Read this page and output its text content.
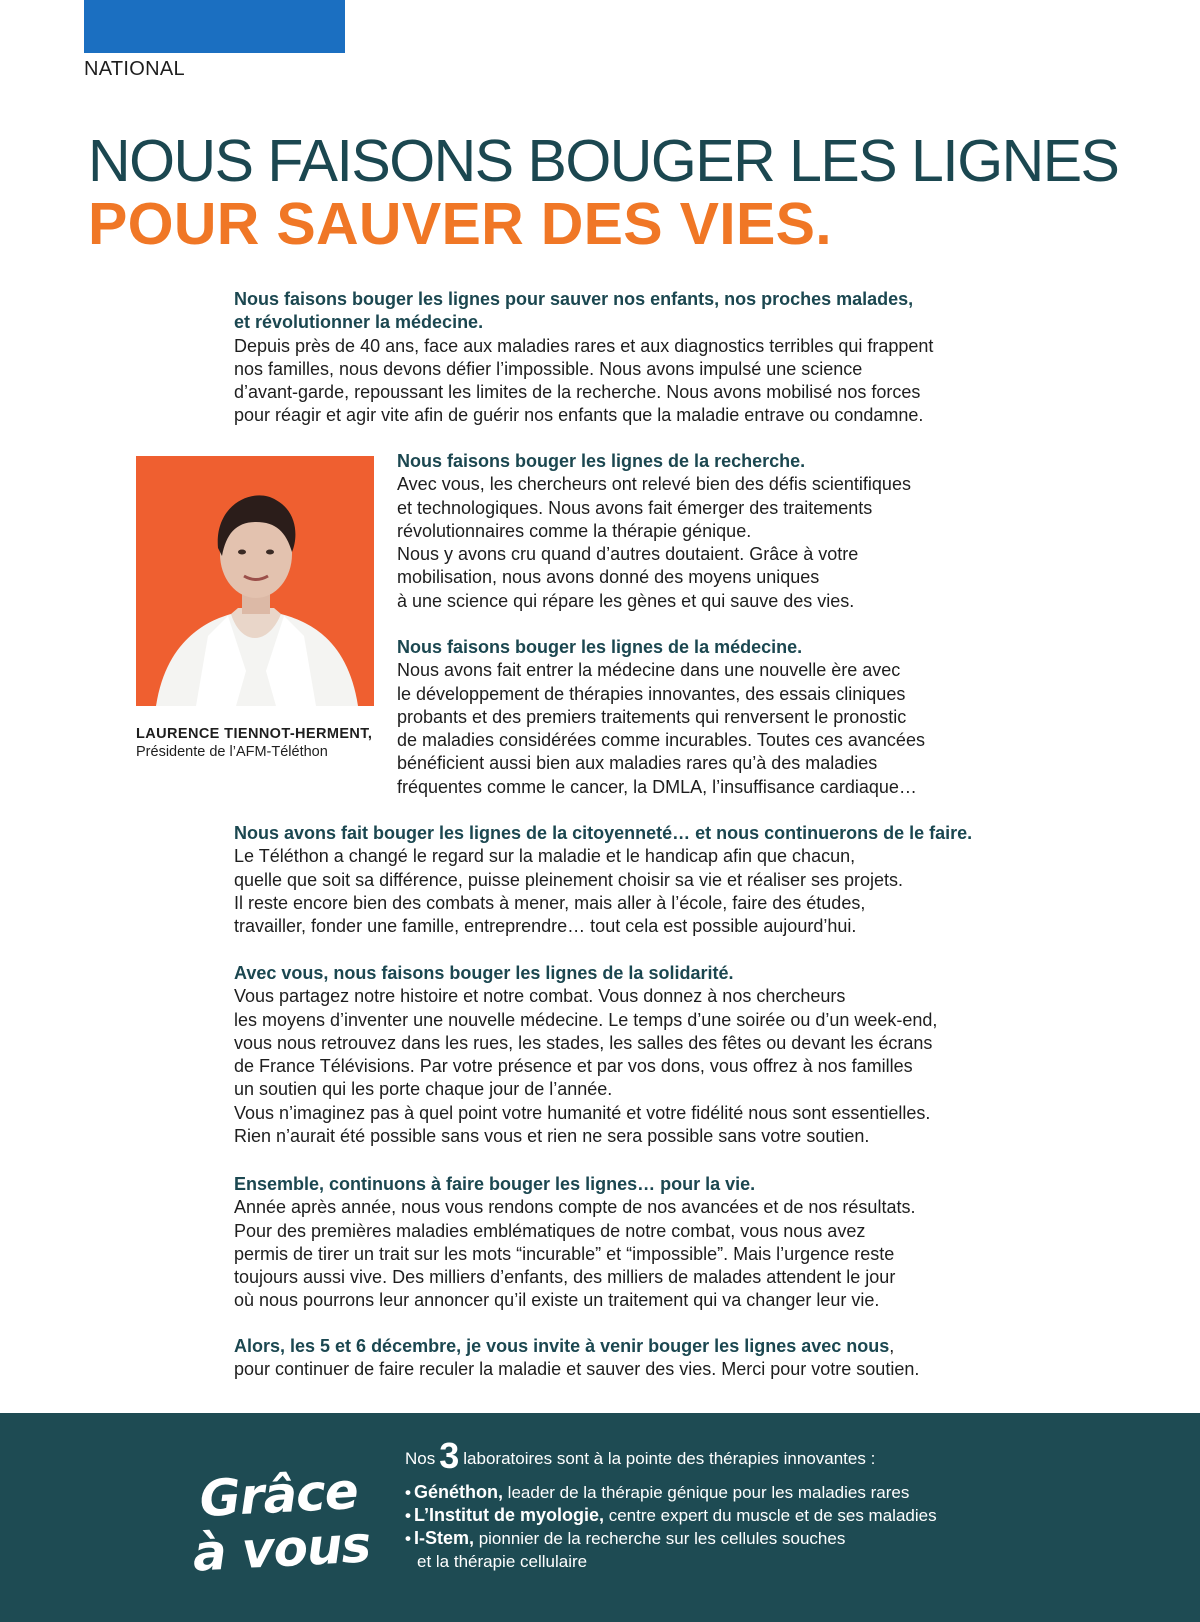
NATIONAL
NOUS FAISONS BOUGER LES LIGNES
POUR SAUVER DES VIES.
Nous faisons bouger les lignes pour sauver nos enfants, nos proches malades,
et révolutionner la médecine.
Depuis près de 40 ans, face aux maladies rares et aux diagnostics terribles qui frappent
nos familles, nous devons défier l’impossible. Nous avons impulsé une science
d’avant-garde, repoussant les limites de la recherche. Nous avons mobilisé nos forces
pour réagir et agir vite afin de guérir nos enfants que la maladie entrave ou condamne.
LAURENCE TIENNOT-HERMENT,
Présidente de l’AFM-Téléthon
Nous faisons bouger les lignes de la recherche.
Avec vous, les chercheurs ont relevé bien des défis scientifiques
et technologiques. Nous avons fait émerger des traitements
révolutionnaires comme la thérapie génique.
Nous y avons cru quand d’autres doutaient. Grâce à votre
mobilisation, nous avons donné des moyens uniques
à une science qui répare les gènes et qui sauve des vies.
Nous faisons bouger les lignes de la médecine.
Nous avons fait entrer la médecine dans une nouvelle ère avec
le développement de thérapies innovantes, des essais cliniques
probants et des premiers traitements qui renversent le pronostic
de maladies considérées comme incurables. Toutes ces avancées
bénéficient aussi bien aux maladies rares qu’à des maladies
fréquentes comme le cancer, la DMLA, l’insuffisance cardiaque…
Nous avons fait bouger les lignes de la citoyenneté… et nous continuerons de le faire.
Le Téléthon a changé le regard sur la maladie et le handicap afin que chacun,
quelle que soit sa différence, puisse pleinement choisir sa vie et réaliser ses projets.
Il reste encore bien des combats à mener, mais aller à l’école, faire des études,
travailler, fonder une famille, entreprendre… tout cela est possible aujourd’hui.
Avec vous, nous faisons bouger les lignes de la solidarité.
Vous partagez notre histoire et notre combat. Vous donnez à nos chercheurs
les moyens d’inventer une nouvelle médecine. Le temps d’une soirée ou d’un week-end,
vous nous retrouvez dans les rues, les stades, les salles des fêtes ou devant les écrans
de France Télévisions. Par votre présence et par vos dons, vous offrez à nos familles
un soutien qui les porte chaque jour de l’année.
Vous n’imaginez pas à quel point votre humanité et votre fidélité nous sont essentielles.
Rien n’aurait été possible sans vous et rien ne sera possible sans votre soutien.
Ensemble, continuons à faire bouger les lignes… pour la vie.
Année après année, nous vous rendons compte de nos avancées et de nos résultats.
Pour des premières maladies emblématiques de notre combat, vous nous avez
permis de tirer un trait sur les mots “incurable” et “impossible”. Mais l’urgence reste
toujours aussi vive. Des milliers d’enfants, des milliers de malades attendent le jour
où nous pourrons leur annoncer qu’il existe un traitement qui va changer leur vie.
Alors, les 5 et 6 décembre, je vous invite à venir bouger les lignes avec nous,
pour continuer de faire reculer la maladie et sauver des vies. Merci pour votre soutien.
Grâce
à vous
Nos 3 laboratoires sont à la pointe des thérapies innovantes :
• Généthon, leader de la thérapie génique pour les maladies rares
• L’Institut de myologie, centre expert du muscle et de ses maladies
• I-Stem, pionnier de la recherche sur les cellules souches
et la thérapie cellulaire
